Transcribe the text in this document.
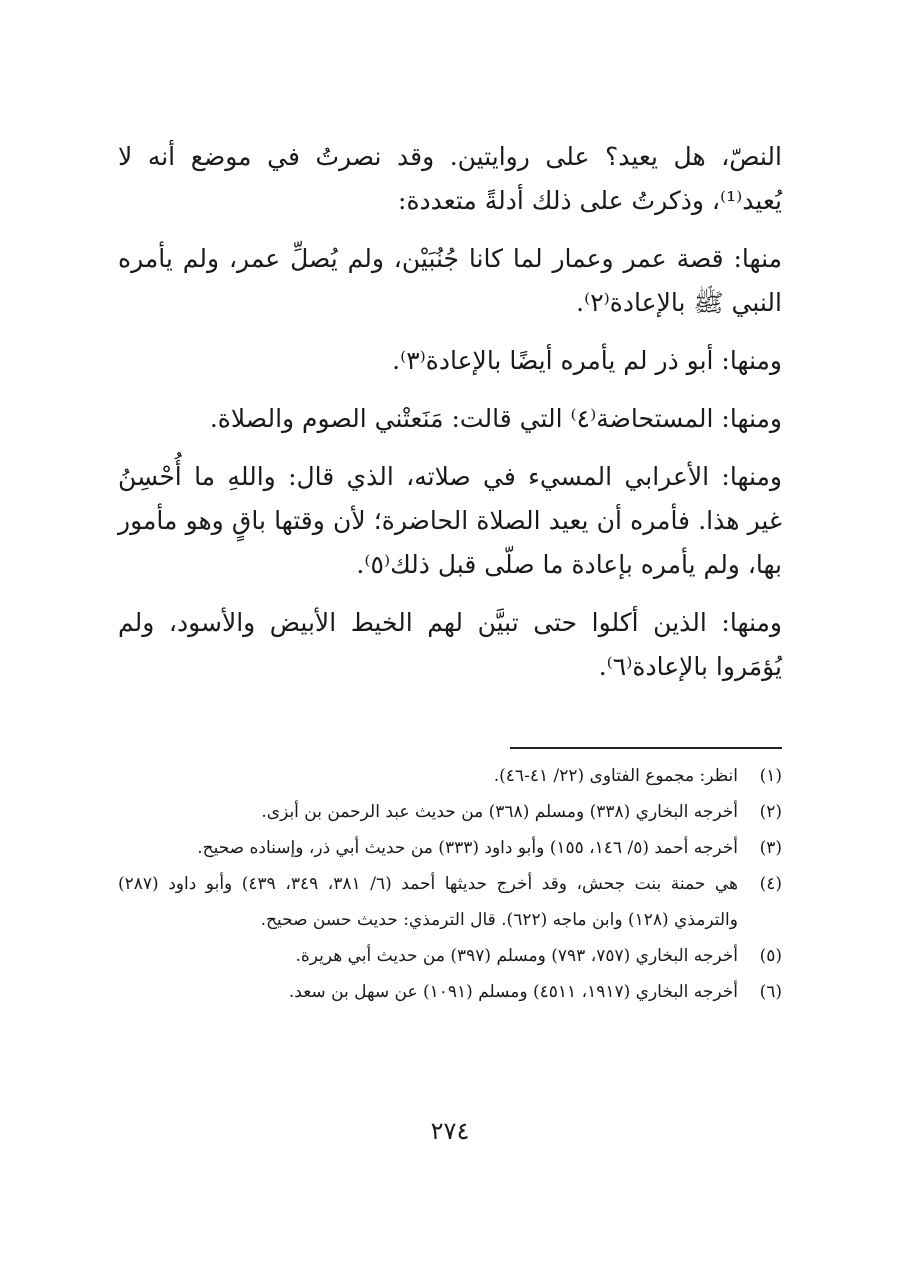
النصّ، هل يعيد؟ على روايتين. وقد نصرتُ في موضع أنه لا يُعيد⁽¹⁾، وذكرتُ على ذلك أدلةً متعددة:

منها: قصة عمر وعمار لما كانا جُنُبَيْن، ولم يُصلِّ عمر، ولم يأمره النبي ﷺ بالإعادة⁽٢⁾.

ومنها: أبو ذر لم يأمره أيضًا بالإعادة⁽٣⁾.

ومنها: المستحاضة⁽٤⁾ التي قالت: مَنَعتْني الصوم والصلاة.

ومنها: الأعرابي المسيء في صلاته، الذي قال: واللهِ ما أُحْسِنُ غير هذا. فأمره أن يعيد الصلاة الحاضرة؛ لأن وقتها باقٍ وهو مأمور بها، ولم يأمره بإعادة ما صلّى قبل ذلك⁽٥⁾.

ومنها: الذين أكلوا حتى تبيَّن لهم الخيط الأبيض والأسود، ولم يُؤمَروا بالإعادة⁽٦⁾.

(١)
انظر: مجموع الفتاوى (٢٢/ ٤١-٤٦).
(٢)
أخرجه البخاري (٣٣٨) ومسلم (٣٦٨) من حديث عبد الرحمن بن أبزى.
(٣)
أخرجه أحمد (٥/ ١٤٦، ١٥٥) وأبو داود (٣٣٣) من حديث أبي ذر، وإسناده صحيح.
(٤)
هي حمنة بنت جحش، وقد أخرج حديثها أحمد (٦/ ٣٨١، ٣٤٩، ٤٣٩) وأبو داود (٢٨٧) والترمذي (١٢٨) وابن ماجه (٦٢٢). قال الترمذي: حديث حسن صحيح.
(٥)
أخرجه البخاري (٧٥٧، ٧٩٣) ومسلم (٣٩٧) من حديث أبي هريرة.
(٦)
أخرجه البخاري (١٩١٧، ٤٥١١) ومسلم (١٠٩١) عن سهل بن سعد.
٢٧٤
